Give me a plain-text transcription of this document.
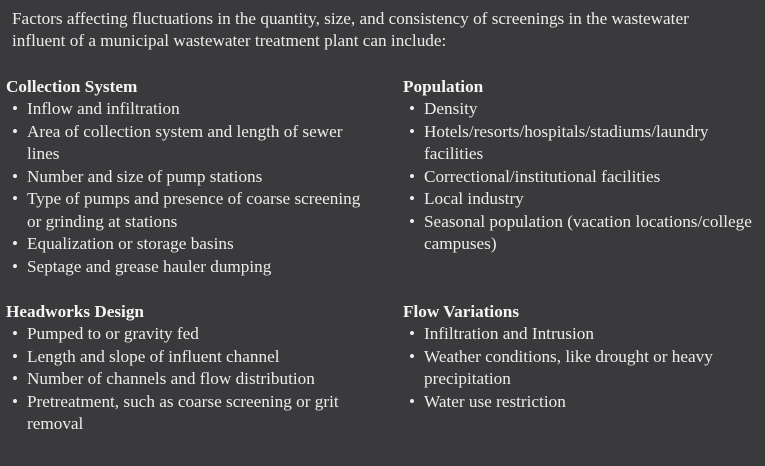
Factors affecting fluctuations in the quantity, size, and consistency of screenings in the wastewater influent of a municipal wastewater treatment plant can include:

Collection System
• Inflow and infiltration
• Area of collection system and length of sewer lines
• Number and size of pump stations
• Type of pumps and presence of coarse screening or grinding at stations
• Equalization or storage basins
• Septage and grease hauler dumping
Population
• Density
• Hotels/resorts/hospitals/stadiums/laundry facilities
• Correctional/institutional facilities
• Local industry
• Seasonal population (vacation locations/college campuses)
Headworks Design
• Pumped to or gravity fed
• Length and slope of influent channel
• Number of channels and flow distribution
• Pretreatment, such as coarse screening or grit removal
Flow Variations
• Infiltration and Intrusion
• Weather conditions, like drought or heavy precipitation
• Water use restriction
